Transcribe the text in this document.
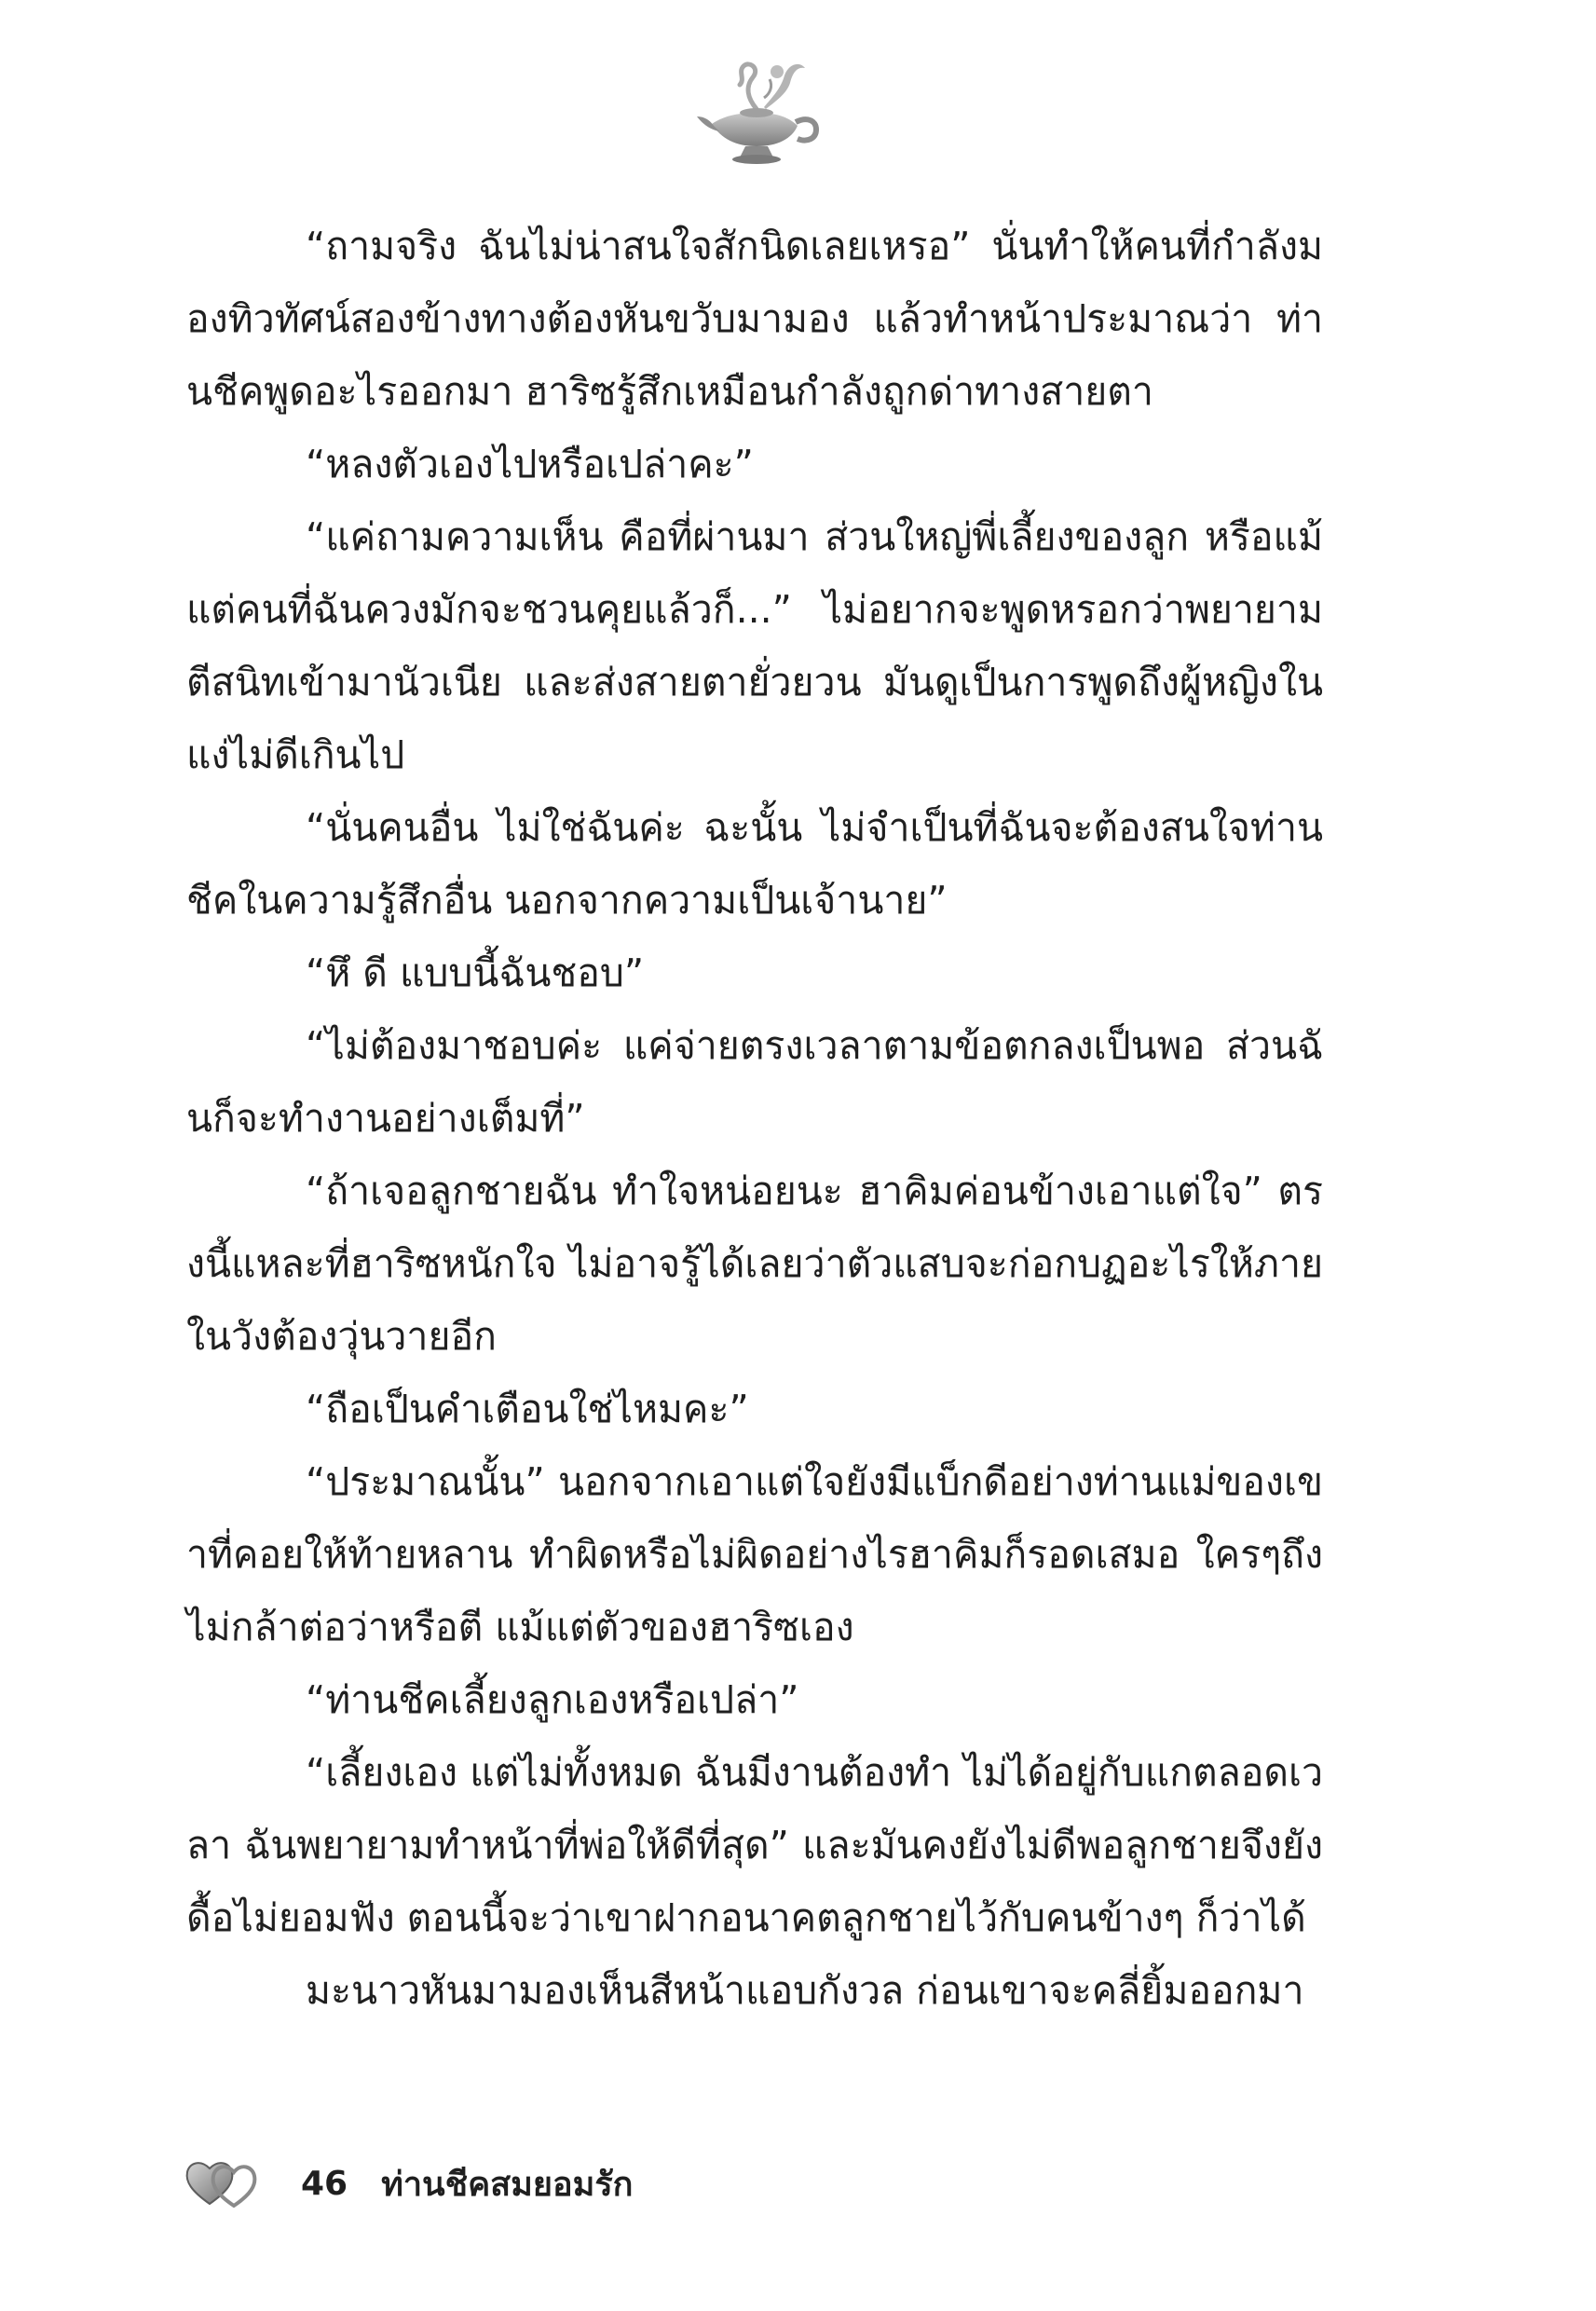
“ถามจริง ฉันไม่น่าสนใจสักนิดเลยเหรอ” นั่นทำให้คนที่กำลังมองทิวทัศน์สองข้างทางต้องหันขวับมามอง แล้วทำหน้าประมาณว่า ท่านชีคพูดอะไรออกมา ฮาริซรู้สึกเหมือนกำลังถูกด่าทางสายตา

“หลงตัวเองไปหรือเปล่าคะ”

“แค่ถามความเห็น คือที่ผ่านมา ส่วนใหญ่พี่เลี้ยงของลูก หรือแม้แต่คนที่ฉันควงมักจะชวนคุยแล้วก็...” ไม่อยากจะพูดหรอกว่าพยายามตีสนิทเข้ามานัวเนีย และส่งสายตายั่วยวน มันดูเป็นการพูดถึงผู้หญิงในแง่ไม่ดีเกินไป

“นั่นคนอื่น ไม่ใช่ฉันค่ะ ฉะนั้น ไม่จำเป็นที่ฉันจะต้องสนใจท่านชีคในความรู้สึกอื่น นอกจากความเป็นเจ้านาย”

“หึ ดี แบบนี้ฉันชอบ”

“ไม่ต้องมาชอบค่ะ แค่จ่ายตรงเวลาตามข้อตกลงเป็นพอ ส่วนฉันก็จะทำงานอย่างเต็มที่”

“ถ้าเจอลูกชายฉัน ทำใจหน่อยนะ ฮาคิมค่อนข้างเอาแต่ใจ” ตรงนี้แหละที่ฮาริซหนักใจ ไม่อาจรู้ได้เลยว่าตัวแสบจะก่อกบฏอะไรให้ภายในวังต้องวุ่นวายอีก

“ถือเป็นคำเตือนใช่ไหมคะ”

“ประมาณนั้น” นอกจากเอาแต่ใจยังมีแบ็กดีอย่างท่านแม่ของเขาที่คอยให้ท้ายหลาน ทำผิดหรือไม่ผิดอย่างไรฮาคิมก็รอดเสมอ ใครๆถึงไม่กล้าต่อว่าหรือตี แม้แต่ตัวของฮาริซเอง

“ท่านชีคเลี้ยงลูกเองหรือเปล่า”

“เลี้ยงเอง แต่ไม่ทั้งหมด ฉันมีงานต้องทำ ไม่ได้อยู่กับแกตลอดเวลา ฉันพยายามทำหน้าที่พ่อให้ดีที่สุด” และมันคงยังไม่ดีพอลูกชายจึงยังดื้อไม่ยอมฟัง ตอนนี้จะว่าเขาฝากอนาคตลูกชายไว้กับคนข้างๆ ก็ว่าได้

มะนาวหันมามองเห็นสีหน้าแอบกังวล ก่อนเขาจะคลี่ยิ้มออกมา

46 ท่านชีคสมยอมรัก
